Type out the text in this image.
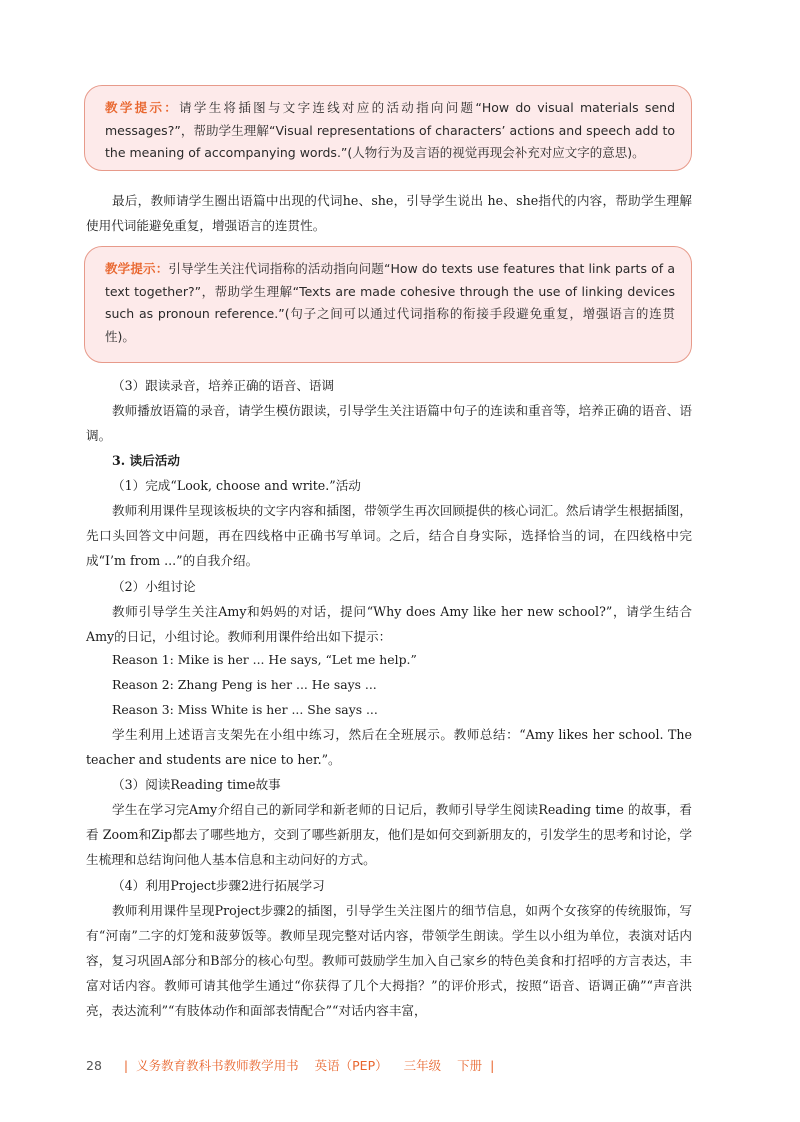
教学提示：请学生将插图与文字连线对应的活动指向问题“How do visual materials send messages?”，帮助学生理解“Visual representations of characters’ actions and speech add to the meaning of accompanying words.”(人物行为及言语的视觉再现会补充对应文字的意思)。
最后，教师请学生圈出语篇中出现的代词he、she，引导学生说出 he、she指代的内容，帮助学生理解使用代词能避免重复，增强语言的连贯性。
教学提示：引导学生关注代词指称的活动指向问题“How do texts use features that link parts of a text together?”，帮助学生理解“Texts are made cohesive through the use of linking devices such as pronoun reference.”(句子之间可以通过代词指称的衔接手段避免重复，增强语言的连贯性)。
（3）跟读录音，培养正确的语音、语调
教师播放语篇的录音，请学生模仿跟读，引导学生关注语篇中句子的连读和重音等，培养正确的语音、语调。
3. 读后活动
（1）完成“Look, choose and write.”活动
教师利用课件呈现该板块的文字内容和插图，带领学生再次回顾提供的核心词汇。然后请学生根据插图，先口头回答文中问题，再在四线格中正确书写单词。之后，结合自身实际，选择恰当的词，在四线格中完成“I’m from ...”的自我介绍。
（2）小组讨论
教师引导学生关注Amy和妈妈的对话，提问“Why does Amy like her new school?”，请学生结合Amy的日记，小组讨论。教师利用课件给出如下提示：
Reason 1: Mike is her ... He says, “Let me help.”
Reason 2: Zhang Peng is her ... He says ...
Reason 3: Miss White is her ... She says ...
学生利用上述语言支架先在小组中练习，然后在全班展示。教师总结：“Amy likes her school. The teacher and students are nice to her.”。
（3）阅读Reading time故事
学生在学习完Amy介绍自己的新同学和新老师的日记后，教师引导学生阅读Reading time 的故事，看看 Zoom和Zip都去了哪些地方，交到了哪些新朋友，他们是如何交到新朋友的，引发学生的思考和讨论，学生梳理和总结询问他人基本信息和主动问好的方式。
（4）利用Project步骤2进行拓展学习
教师利用课件呈现Project步骤2的插图，引导学生关注图片的细节信息，如两个女孩穿的传统服饰，写有“河南”二字的灯笼和菠萝饭等。教师呈现完整对话内容，带领学生朗读。学生以小组为单位，表演对话内容，复习巩固A部分和B部分的核心句型。教师可鼓励学生加入自己家乡的特色美食和打招呼的方言表达，丰富对话内容。教师可请其他学生通过“你获得了几个大拇指？”的评价形式，按照“语音、语调正确”“声音洪亮，表达流利”“有肢体动作和面部表情配合”“对话内容丰富，
28 | 义务教育教科书教师教学用书 英语（PEP） 三年级 下册 |
